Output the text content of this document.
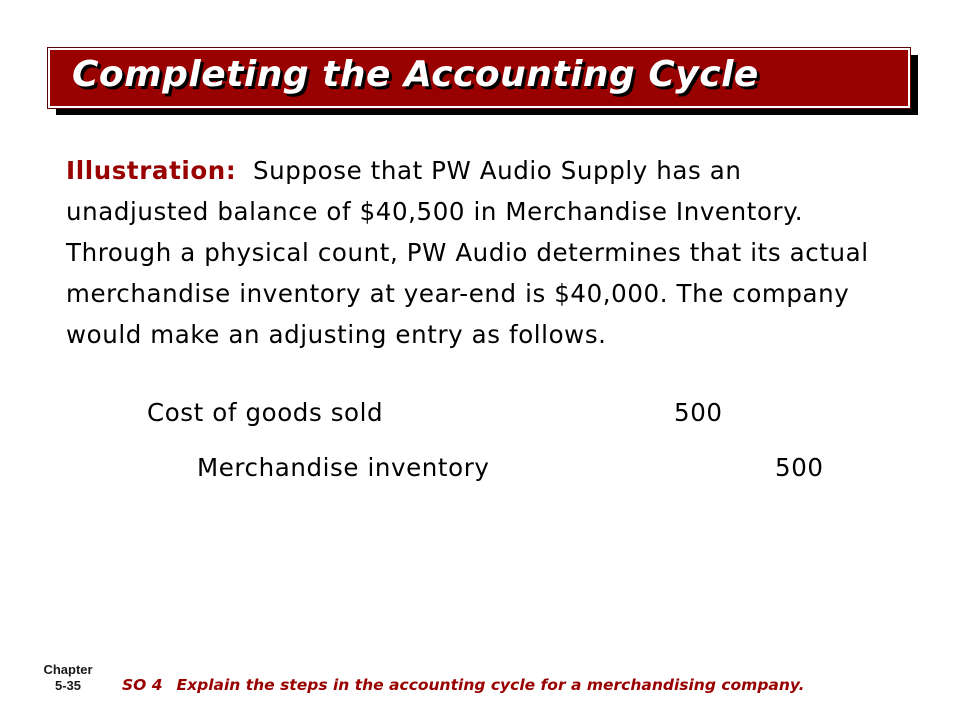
Completing the Accounting Cycle
Illustration: Suppose that PW Audio Supply has an
unadjusted balance of $40,500 in Merchandise Inventory.
Through a physical count, PW Audio determines that its actual
merchandise inventory at year-end is $40,000. The company
would make an adjusting entry as follows.
Cost of goods sold	500
Merchandise inventory	500
Chapter
5-35	SO 4 Explain the steps in the accounting cycle for a merchandising company.
